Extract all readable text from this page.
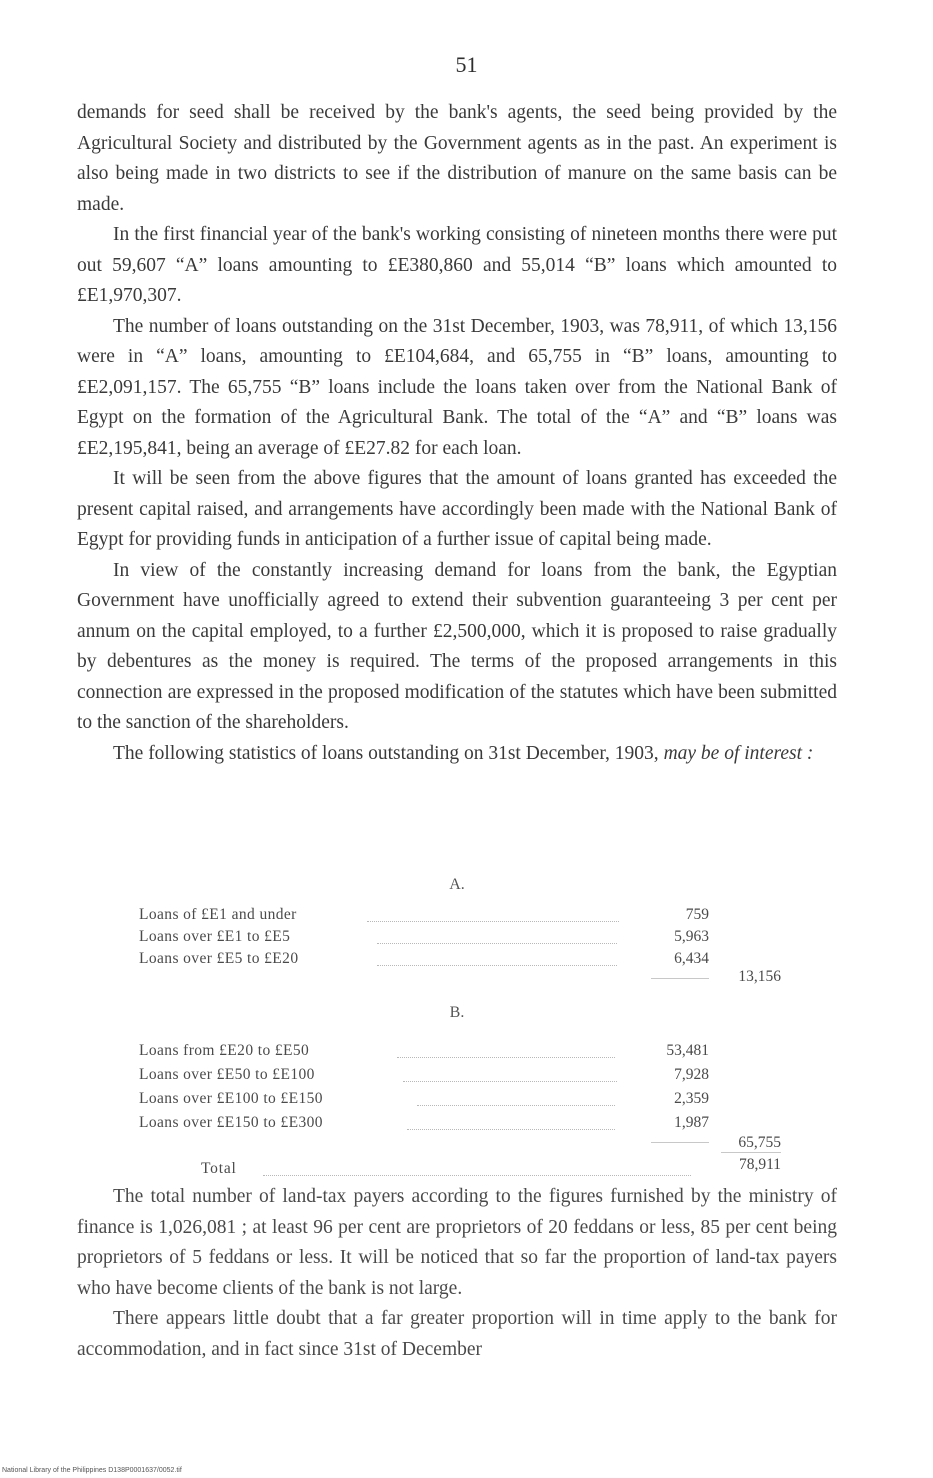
51

demands for seed shall be received by the bank's agents, the seed being provided by the Agricultural Society and distributed by the Government agents as in the past. An experiment is also being made in two districts to see if the distribution of manure on the same basis can be made.

In the first financial year of the bank's working consisting of nineteen months there were put out 59,607 “A” loans amounting to £E380,860 and 55,014 “B” loans which amounted to £E1,970,307.

The number of loans outstanding on the 31st December, 1903, was 78,911, of which 13,156 were in “A” loans, amounting to £E104,684, and 65,755 in “B” loans, amounting to £E2,091,157. The 65,755 “B” loans include the loans taken over from the National Bank of Egypt on the formation of the Agricultural Bank. The total of the “A” and “B” loans was £E2,195,841, being an average of £E27.82 for each loan.

It will be seen from the above figures that the amount of loans granted has exceeded the present capital raised, and arrangements have accordingly been made with the National Bank of Egypt for providing funds in anticipation of a further issue of capital being made.

In view of the constantly increasing demand for loans from the bank, the Egyptian Government have unofficially agreed to extend their subvention guaranteeing 3 per cent per annum on the capital employed, to a further £2,500,000, which it is proposed to raise gradually by debentures as the money is required. The terms of the proposed arrangements in this connection are expressed in the proposed modification of the statutes which have been submitted to the sanction of the shareholders.

The following statistics of loans outstanding on 31st December, 1903, may be of interest :

A.
Loans of £E1 and under	759
Loans over £E1 to £E5	5,963
Loans over £E5 to £E20	6,434
13,156
B.
Loans from £E20 to £E50	53,481
Loans over £E50 to £E100	7,928
Loans over £E100 to £E150	2,359
Loans over £E150 to £E300	1,987
65,755
Total	78,911

The total number of land-tax payers according to the figures furnished by the ministry of finance is 1,026,081 ; at least 96 per cent are proprietors of 20 feddans or less, 85 per cent being proprietors of 5 feddans or less. It will be noticed that so far the proportion of land-tax payers who have become clients of the bank is not large.

There appears little doubt that a far greater proportion will in time apply to the bank for accommodation, and in fact since 31st of December

National Library of the Philippines D138P0001637/0052.tif
